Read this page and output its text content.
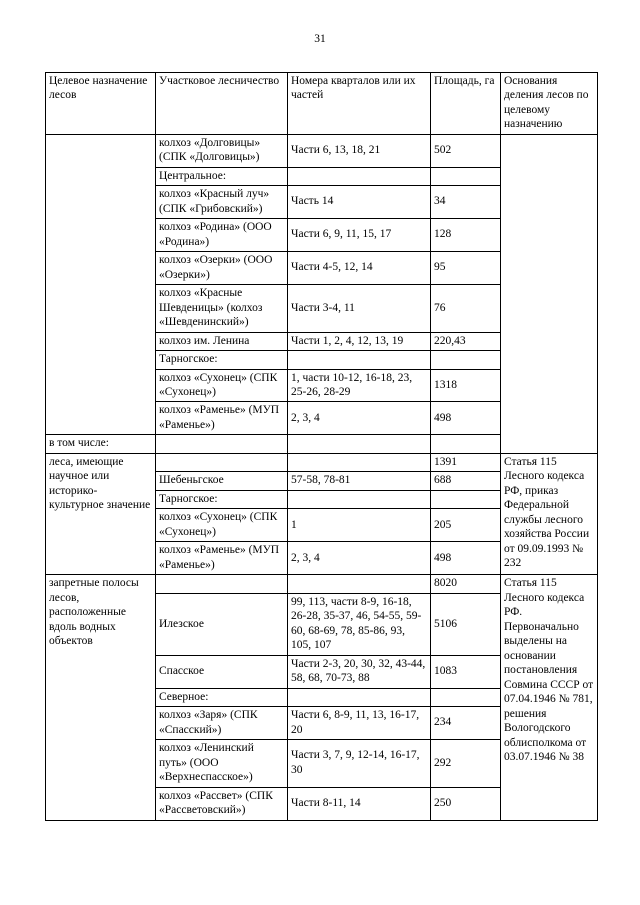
31
Целевое назначение лесов	Участковое лесничество	Номера кварталов или их частей	Площадь, га	Основания деления лесов по целевому назначению
	колхоз «Долговицы» (СПК «Долговицы»)	Части 6, 13, 18, 21	502	
	Центральное:			
	колхоз «Красный луч» (СПК «Грибовский»)	Часть 14	34	
	колхоз «Родина» (ООО «Родина»)	Части 6, 9, 11, 15, 17	128	
	колхоз «Озерки» (ООО «Озерки»)	Части 4-5, 12, 14	95	
	колхоз «Красные Шевденицы» (колхоз «Шевденинский»)	Части 3-4, 11	76	
	колхоз им. Ленина	Части 1, 2, 4, 12, 13, 19	220,43	
	Тарногское:			
	колхоз «Сухонец» (СПК «Сухонец»)	1, части 10-12, 16-18, 23, 25-26, 28-29	1318	
	колхоз «Раменье» (МУП «Раменье»)	2, 3, 4	498	
в том числе:				
леса, имеющие научное или историко-культурное значение			1391	Статья 115 Лесного кодекса РФ, приказ Федеральной службы лесного хозяйства России от 09.09.1993 № 232
	Шебеньгское	57-58, 78-81	688	
	Тарногское:			
	колхоз «Сухонец» (СПК «Сухонец»)	1	205	
	колхоз «Раменье» (МУП «Раменье»)	2, 3, 4	498	
запретные полосы лесов, расположенные вдоль водных объектов			8020	Статья 115 Лесного кодекса РФ. Первоначально выделены на основании постановления Совмина СССР от 07.04.1946 № 781, решения Вологодского облисполкома от 03.07.1946 № 38
	Илезское	99, 113, части 8-9, 16-18, 26-28, 35-37, 46, 54-55, 59-60, 68-69, 78, 85-86, 93, 105, 107	5106	
	Спасское	Части 2-3, 20, 30, 32, 43-44, 58, 68, 70-73, 88	1083	
	Северное:			
	колхоз «Заря» (СПК «Спасский»)	Части 6, 8-9, 11, 13, 16-17, 20	234	
	колхоз «Ленинский путь» (ООО «Верхнеспасское»)	Части 3, 7, 9, 12-14, 16-17, 30	292	
	колхоз «Рассвет» (СПК «Рассветовский»)	Части 8-11, 14	250	
